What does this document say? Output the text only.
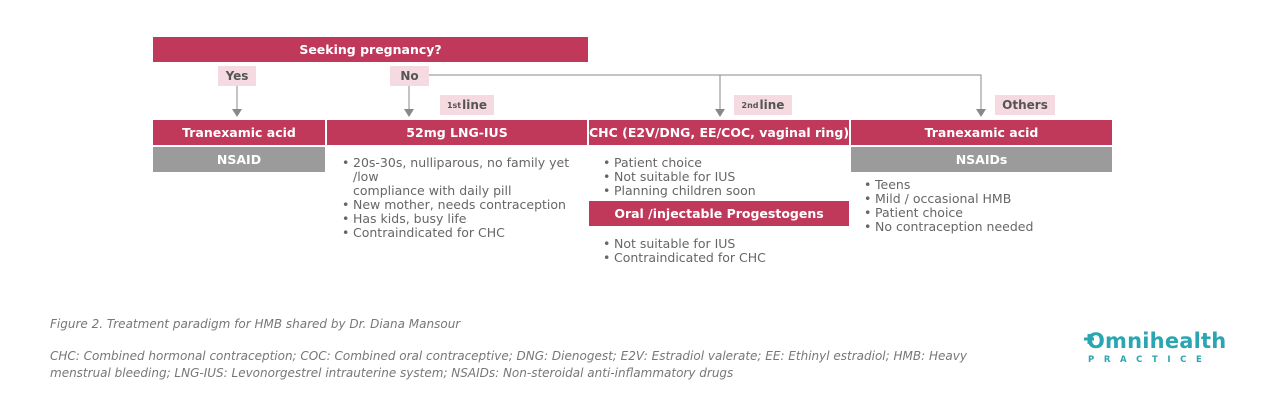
Seeking pregnancy?
Yes	No
1st line	2nd line	Others
Tranexamic acid
NSAID
52mg LNG-IUS
• 20s-30s, nulliparous, no family yet /low
compliance with daily pill
• New mother, needs contraception
• Has kids, busy life
• Contraindicated for CHC
CHC (E2V/DNG, EE/COC, vaginal ring)
• Patient choice
• Not suitable for IUS
• Planning children soon
Oral /injectable Progestogens
• Not suitable for IUS
• Contraindicated for CHC
Tranexamic acid
NSAIDs
• Teens
• Mild / occasional HMB
• Patient choice
• No contraception needed
Figure 2. Treatment paradigm for HMB shared by Dr. Diana Mansour
CHC: Combined hormonal contraception; COC: Combined oral contraceptive; DNG: Dienogest; E2V: Estradiol valerate; EE: Ethinyl estradiol; HMB: Heavy
menstrual bleeding; LNG-IUS: Levonorgestrel intrauterine system; NSAIDs: Non-steroidal anti-inflammatory drugs
Omnihealth
PRACTICE
